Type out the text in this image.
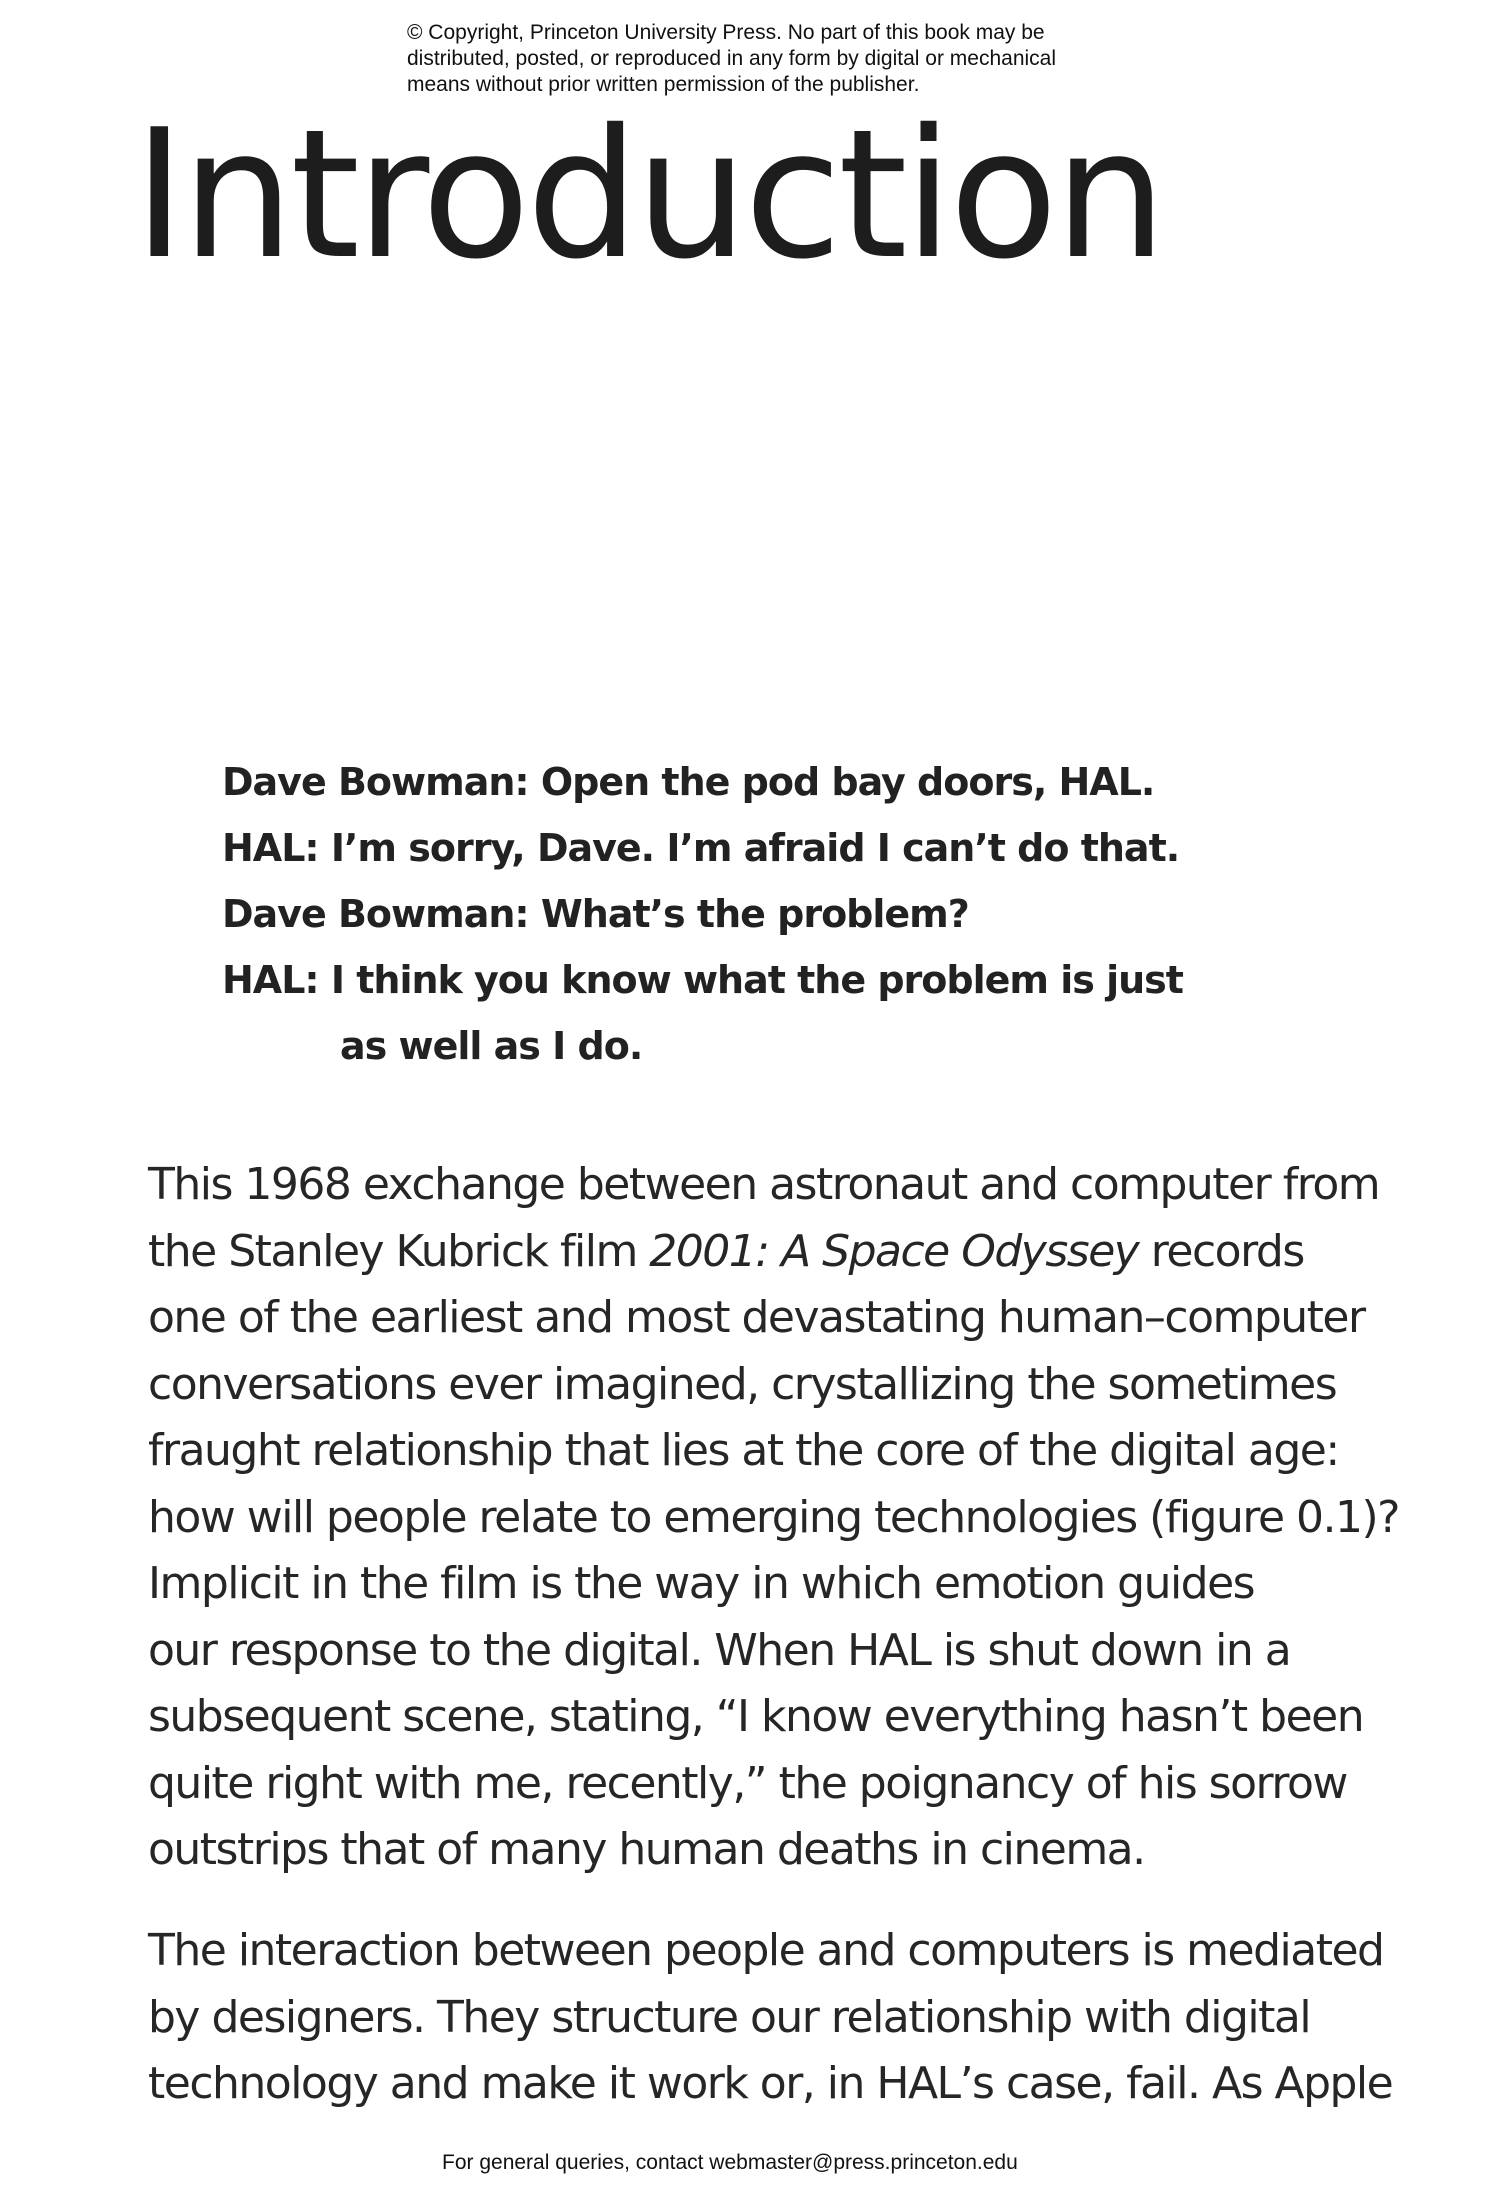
© Copyright, Princeton University Press. No part of this book may be
distributed, posted, or reproduced in any form by digital or mechanical
means without prior written permission of the publisher.
Introduction
Dave Bowman: Open the pod bay doors, HAL.
HAL: I’m sorry, Dave. I’m afraid I can’t do that.
Dave Bowman: What’s the problem?
HAL: I think you know what the problem is just
as well as I do.

This 1968 exchange between astronaut and computer from
the Stanley Kubrick film 2001: A Space Odyssey records
one of the earliest and most devastating human–computer
conversations ever imagined, crystallizing the sometimes
fraught relationship that lies at the core of the digital age:
how will people relate to emerging technologies (figure 0.1)?
Implicit in the film is the way in which emotion guides
our response to the digital. When HAL is shut down in a
subsequent scene, stating, “I know everything hasn’t been
quite right with me, recently,” the poignancy of his sorrow
outstrips that of many human deaths in cinema.

The interaction between people and computers is mediated
by designers. They structure our relationship with digital
technology and make it work or, in HAL’s case, fail. As Apple

For general queries, contact webmaster@press.princeton.edu
